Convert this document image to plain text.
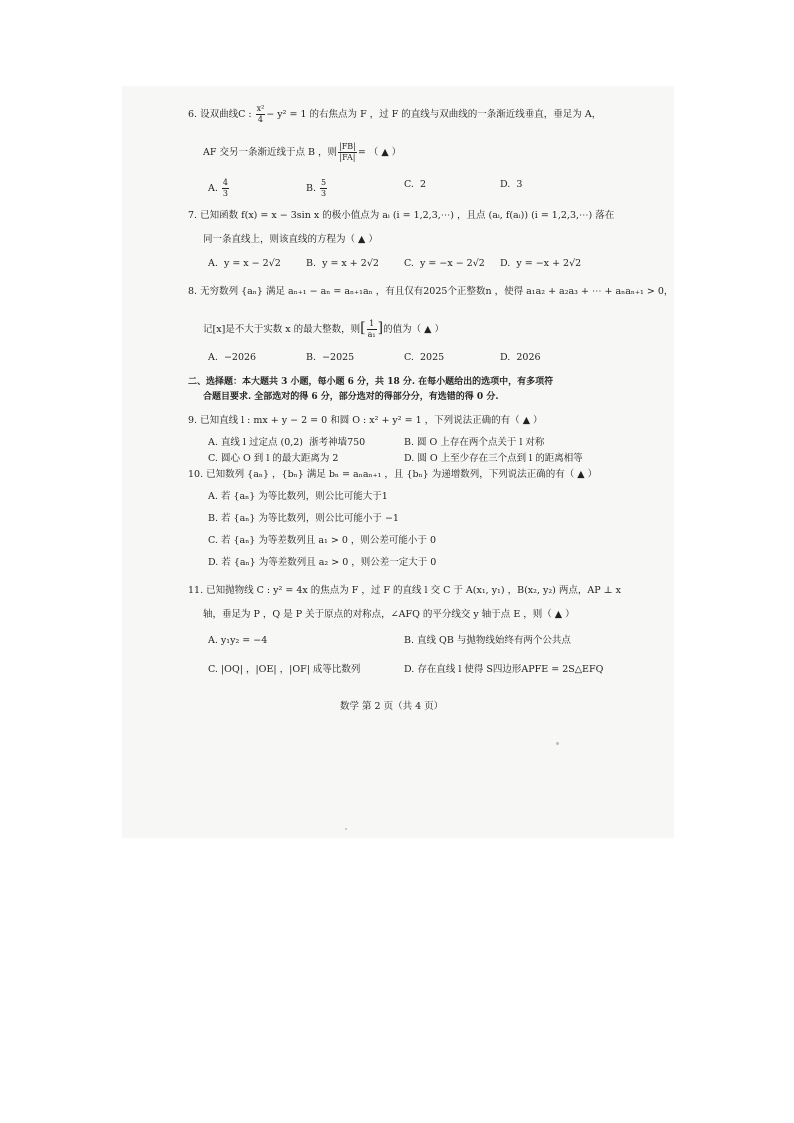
6. 设双曲线C : $\frac{\text{x²}}{4} - y^2 = 1$ 的右焦点为 F ，过 F 的直线与双曲线的一条渐近线垂直，垂足为 A，
AF 交另一条渐近线于点 B ，则 $\frac{|FB|}{|FA|}$ = （ ▲ ）
A. $\frac{4}{3}$	B. $\frac{5}{3}$	C. 2	D. 3
7. 已知函数 f(x) = x − 3sin x 的极小值点为 aᵢ (i = 1,2,3,⋯) ，且点 (aᵢ, f(aᵢ)) (i = 1,2,3,⋯) 落在
同一条直线上，则该直线的方程为（ ▲ ）
A. y = x − 2√2	B. y = x + 2√2	C. y = −x − 2√2 D. y = −x + 2√2
8. 无穷数列 {aₙ} 满足 aₙ₊₁ − aₙ = aₙ₊₁aₙ ，有且仅有2025个正整数n ，使得 a₁a₂ + a₂a₃ + ⋯ + aₙaₙ₊₁ > 0，
记[x]是不大于实数 x 的最大整数，则[ $\frac{1}{\text{a₁}}$ ]的值为（ ▲ ）
A. −2026	B. −2025	C. 2025	D. 2026
二、选择题：本大题共 3 小题，每小题 6 分，共 18 分. 在每小题给出的选项中，有多项符
合题目要求. 全部选对的得 6 分，部分选对的得部分分，有选错的得 0 分.
9. 已知直线 l : mx + y − 2 = 0 和圆 O : x² + y² = 1 ，下列说法正确的有（ ▲ ）
A. 直线 l 过定点 (0,2) 浙考神墙750	B. 圆 O 上存在两个点关于 l 对称
C. 圆心 O 到 l 的最大距离为 2	D. 圆 O 上至少存在三个点到 l 的距离相等
10. 已知数列 {aₙ} ，{bₙ} 满足 bₙ = aₙaₙ₊₁ ，且 {bₙ} 为递增数列，下列说法正确的有（ ▲ ）
A. 若 {aₙ} 为等比数列，则公比可能大于1
B. 若 {aₙ} 为等比数列，则公比可能小于 −1
C. 若 {aₙ} 为等差数列且 a₁ > 0 ，则公差可能小于 0
D. 若 {aₙ} 为等差数列且 a₂ > 0 ，则公差一定大于 0
11. 已知抛物线 C : y² = 4x 的焦点为 F ，过 F 的直线 l 交 C 于 A(x₁, y₁) ，B(x₂, y₂) 两点，AP ⊥ x
轴，垂足为 P ，Q 是 P 关于原点的对称点，∠AFQ 的平分线交 y 轴于点 E ，则（ ▲ ）
A. y₁y₂ = −4	B. 直线 QB 与抛物线始终有两个公共点
C. |OQ| ，|OE| ，|OF| 成等比数列	D. 存在直线 l 使得 S四边形APFE = 2S△EFQ
数学 第 2 页（共 4 页）
